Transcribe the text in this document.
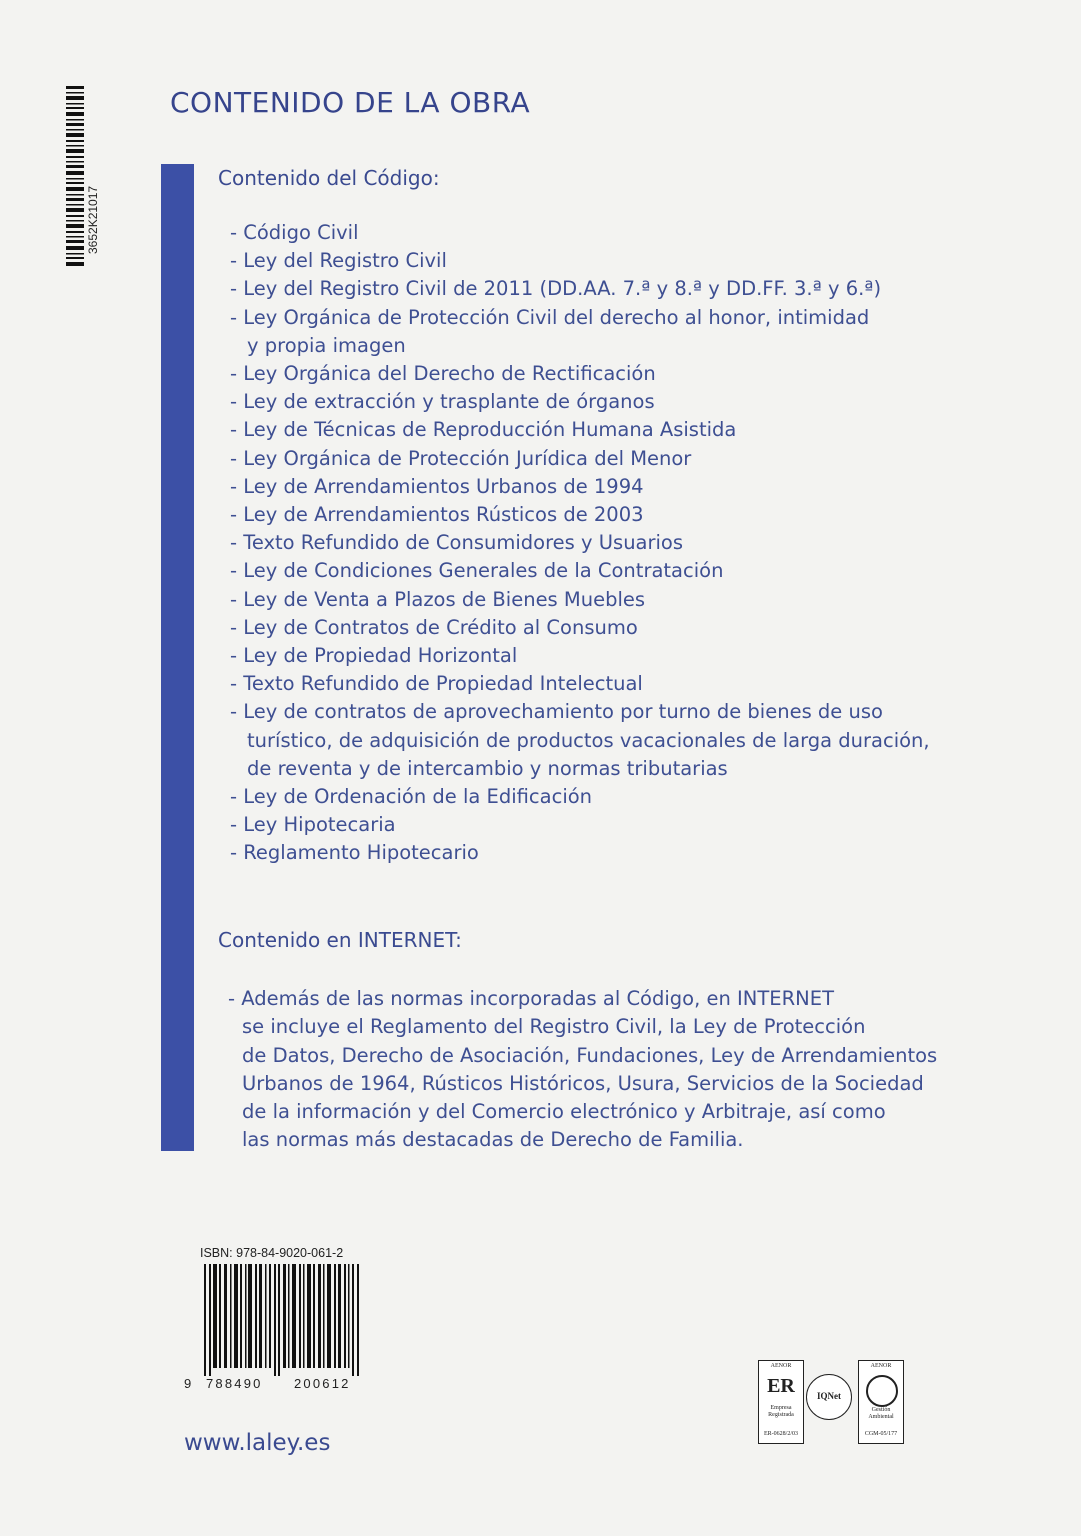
3652K21017
CONTENIDO DE LA OBRA
Contenido del Código:
- Código Civil
- Ley del Registro Civil
- Ley del Registro Civil de 2011 (DD.AA. 7.ª y 8.ª y DD.FF. 3.ª y 6.ª)
- Ley Orgánica de Protección Civil del derecho al honor, intimidad
y propia imagen
- Ley Orgánica del Derecho de Rectificación
- Ley de extracción y trasplante de órganos
- Ley de Técnicas de Reproducción Humana Asistida
- Ley Orgánica de Protección Jurídica del Menor
- Ley de Arrendamientos Urbanos de 1994
- Ley de Arrendamientos Rústicos de 2003
- Texto Refundido de Consumidores y Usuarios
- Ley de Condiciones Generales de la Contratación
- Ley de Venta a Plazos de Bienes Muebles
- Ley de Contratos de Crédito al Consumo
- Ley de Propiedad Horizontal
- Texto Refundido de Propiedad Intelectual
- Ley de contratos de aprovechamiento por turno de bienes de uso
turístico, de adquisición de productos vacacionales de larga duración,
de reventa y de intercambio y normas tributarias
- Ley de Ordenación de la Edificación
- Ley Hipotecaria
- Reglamento Hipotecario
Contenido en INTERNET:
- Además de las normas incorporadas al Código, en INTERNET
se incluye el Reglamento del Registro Civil, la Ley de Protección
de Datos, Derecho de Asociación, Fundaciones, Ley de Arrendamientos
Urbanos de 1964, Rústicos Históricos, Usura, Servicios de la Sociedad
de la información y del Comercio electrónico y Arbitraje, así como
las normas más destacadas de Derecho de Familia.
ISBN: 978-84-9020-061-2
9 788490 200612
www.laley.es
AENOR
ER
Empresa
Registrada
ER-0628/2/03
IQNet
AENOR
Gestión
Ambiental
CGM-05/177
